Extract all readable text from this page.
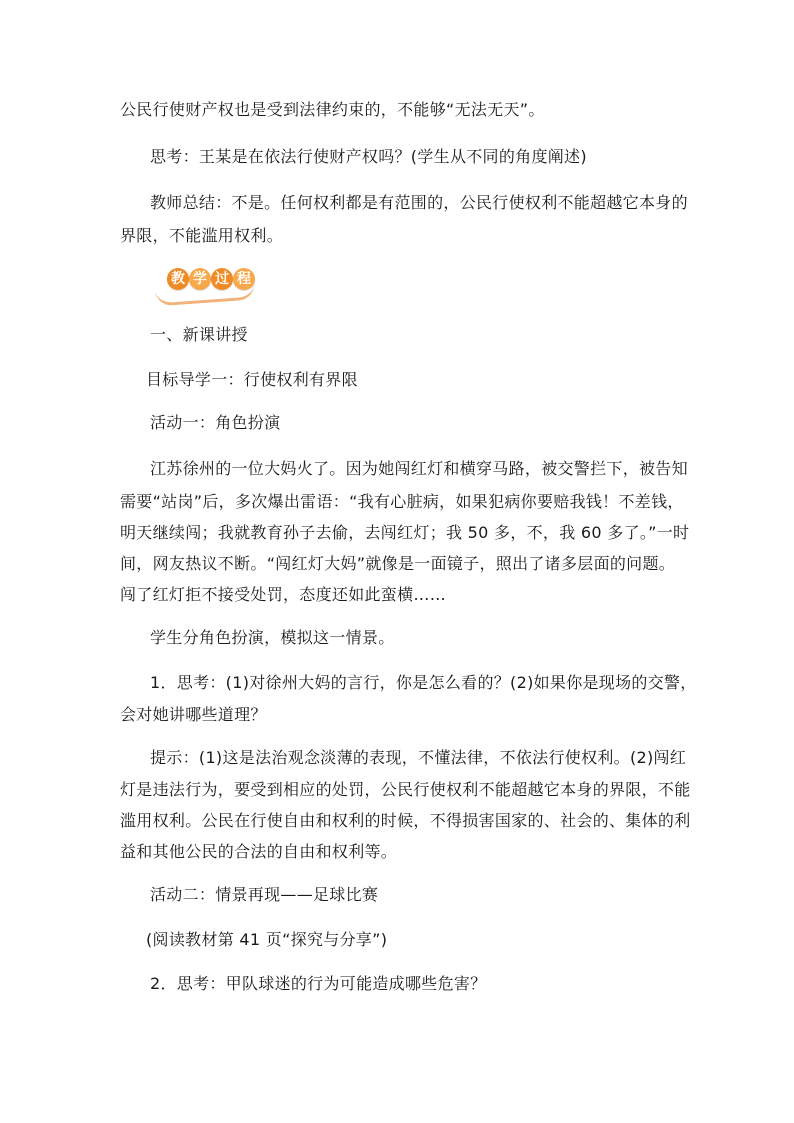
公民行使财产权也是受到法律约束的，不能够“无法无天”。
思考：王某是在依法行使财产权吗？(学生从不同的角度阐述)
教师总结：不是。任何权利都是有范围的，公民行使权利不能超越它本身的
界限，不能滥用权利。
教 学 过 程
一、新课讲授
目标导学一：行使权利有界限
活动一：角色扮演
江苏徐州的一位大妈火了。因为她闯红灯和横穿马路，被交警拦下，被告知
需要“站岗”后，多次爆出雷语：“我有心脏病，如果犯病你要赔我钱！不差钱，
明天继续闯；我就教育孙子去偷，去闯红灯；我 50 多，不，我 60 多了。”一时
间，网友热议不断。“闯红灯大妈”就像是一面镜子，照出了诸多层面的问题。
闯了红灯拒不接受处罚，态度还如此蛮横……
学生分角色扮演，模拟这一情景。
1．思考：(1)对徐州大妈的言行，你是怎么看的？(2)如果你是现场的交警，
会对她讲哪些道理？
提示：(1)这是法治观念淡薄的表现，不懂法律，不依法行使权利。(2)闯红
灯是违法行为，要受到相应的处罚，公民行使权利不能超越它本身的界限，不能
滥用权利。公民在行使自由和权利的时候，不得损害国家的、社会的、集体的利
益和其他公民的合法的自由和权利等。
活动二：情景再现——足球比赛
(阅读教材第 41 页“探究与分享”)
2．思考：甲队球迷的行为可能造成哪些危害？
